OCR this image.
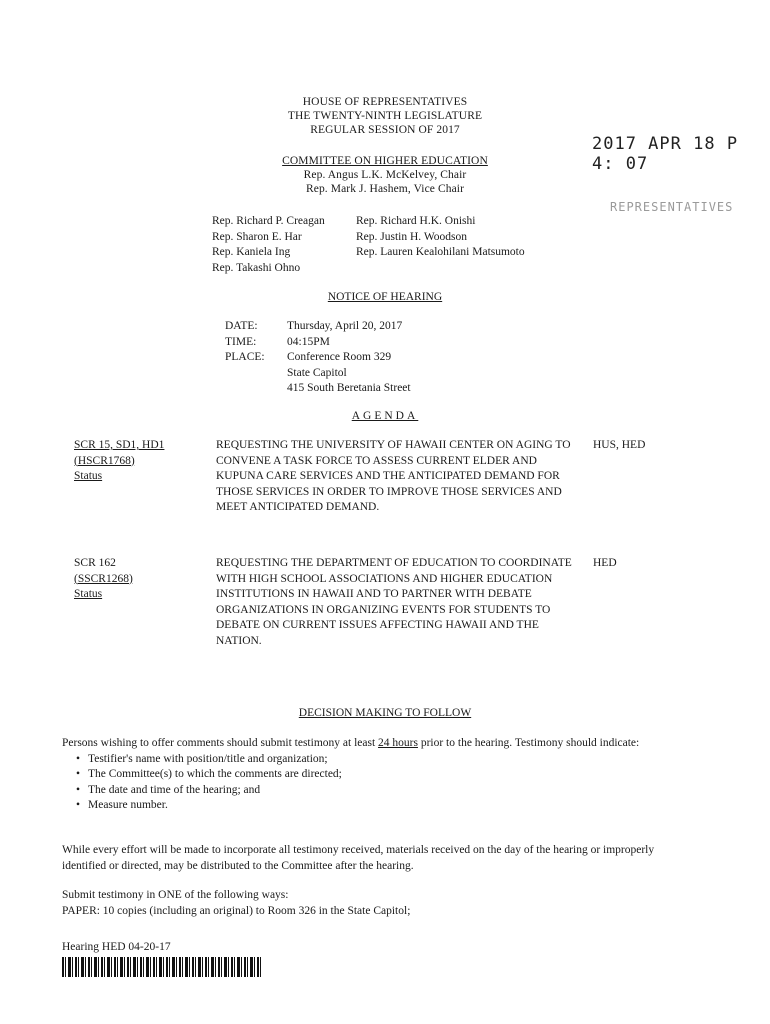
HOUSE OF REPRESENTATIVES
THE TWENTY-NINTH LEGISLATURE
REGULAR SESSION OF 2017
COMMITTEE ON HIGHER EDUCATION
Rep. Angus L.K. McKelvey, Chair
Rep. Mark J. Hashem, Vice Chair
2017 APR 18 P 4: 07
REPRESENTATIVES
Rep. Richard P. Creagan
Rep. Sharon E. Har
Rep. Kaniela Ing
Rep. Takashi Ohno
Rep. Richard H.K. Onishi
Rep. Justin H. Woodson
Rep. Lauren Kealohilani Matsumoto
NOTICE OF HEARING
DATE:	Thursday, April 20, 2017
TIME:	04:15PM
PLACE: Conference Room 329
State Capitol
415 South Beretania Street
AGENDA
SCR 15, SD1, HD1
(HSCR1768)
Status
REQUESTING THE UNIVERSITY OF HAWAII CENTER ON AGING TO CONVENE A TASK FORCE TO ASSESS CURRENT ELDER AND KUPUNA CARE SERVICES AND THE ANTICIPATED DEMAND FOR THOSE SERVICES IN ORDER TO IMPROVE THOSE SERVICES AND MEET ANTICIPATED DEMAND.
HUS, HED
SCR 162
(SSCR1268)
Status
REQUESTING THE DEPARTMENT OF EDUCATION TO COORDINATE WITH HIGH SCHOOL ASSOCIATIONS AND HIGHER EDUCATION INSTITUTIONS IN HAWAII AND TO PARTNER WITH DEBATE ORGANIZATIONS IN ORGANIZING EVENTS FOR STUDENTS TO DEBATE ON CURRENT ISSUES AFFECTING HAWAII AND THE NATION.
HED
DECISION MAKING TO FOLLOW
Persons wishing to offer comments should submit testimony at least 24 hours prior to the hearing. Testimony should indicate:
• Testifier's name with position/title and organization;
• The Committee(s) to which the comments are directed;
• The date and time of the hearing; and
• Measure number.
While every effort will be made to incorporate all testimony received, materials received on the day of the hearing or improperly identified or directed, may be distributed to the Committee after the hearing.
Submit testimony in ONE of the following ways:
PAPER: 10 copies (including an original) to Room 326 in the State Capitol;
Hearing HED 04-20-17
